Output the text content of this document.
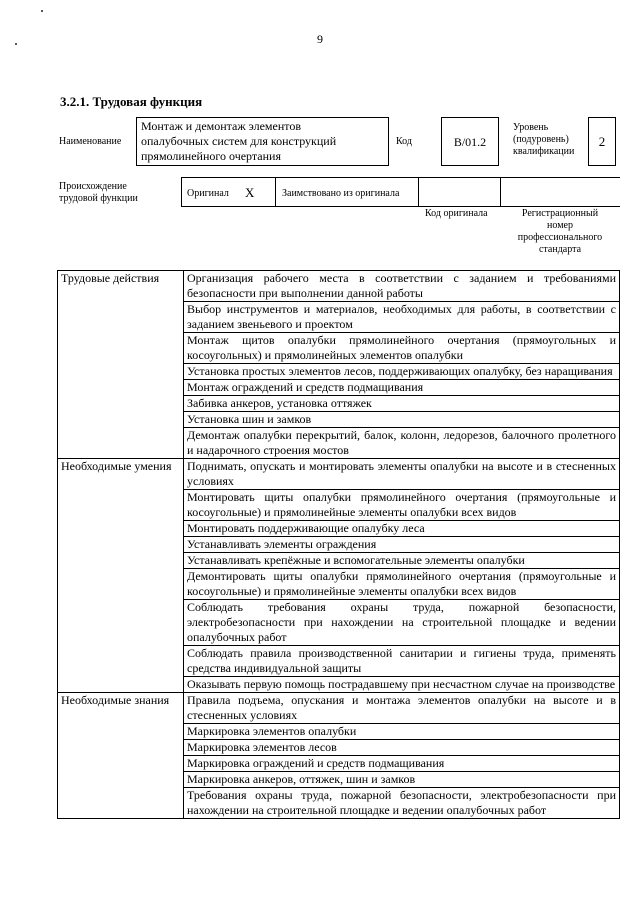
9
3.2.1. Трудовая функция
Наименование
Монтаж и демонтаж элементов
опалубочных систем для конструкций
прямолинейного очертания
Код	B/01.2
Уровень
(подуровень)
квалификации
2
Происхождение
трудовой функции	Оригинал X	Заимствовано из оригинала
Код оригинала	Регистрационный
номер
профессионального
стандарта
Трудовые действия	Организация рабочего места в соответствии с заданием и требованиями безопасности при выполнении данной работы
	Выбор инструментов и материалов, необходимых для работы, в соответствии с заданием звеньевого и проектом
	Монтаж щитов опалубки прямолинейного очертания (прямоугольных и косоугольных) и прямолинейных элементов опалубки
	Установка простых элементов лесов, поддерживающих опалубку, без наращивания
	Монтаж ограждений и средств подмащивания
	Забивка анкеров, установка оттяжек
	Установка шин и замков
	Демонтаж опалубки перекрытий, балок, колонн, ледорезов, балочного пролетного и надарочного строения мостов
Необходимые умения	Поднимать, опускать и монтировать элементы опалубки на высоте и в стесненных условиях
	Монтировать щиты опалубки прямолинейного очертания (прямоугольные и косоугольные) и прямолинейные элементы опалубки всех видов
	Монтировать поддерживающие опалубку леса
	Устанавливать элементы ограждения
	Устанавливать крепёжные и вспомогательные элементы опалубки
	Демонтировать щиты опалубки прямолинейного очертания (прямоугольные и косоугольные) и прямолинейные элементы опалубки всех видов
	Соблюдать требования охраны труда, пожарной безопасности, электробезопасности при нахождении на строительной площадке и ведении опалубочных работ
	Соблюдать правила производственной санитарии и гигиены труда, применять средства индивидуальной защиты
	Оказывать первую помощь пострадавшему при несчастном случае на производстве
Необходимые знания	Правила подъема, опускания и монтажа элементов опалубки на высоте и в стесненных условиях
	Маркировка элементов опалубки
	Маркировка элементов лесов
	Маркировка ограждений и средств подмащивания
	Маркировка анкеров, оттяжек, шин и замков
	Требования охраны труда, пожарной безопасности, электробезопасности при нахождении на строительной площадке и ведении опалубочных работ
